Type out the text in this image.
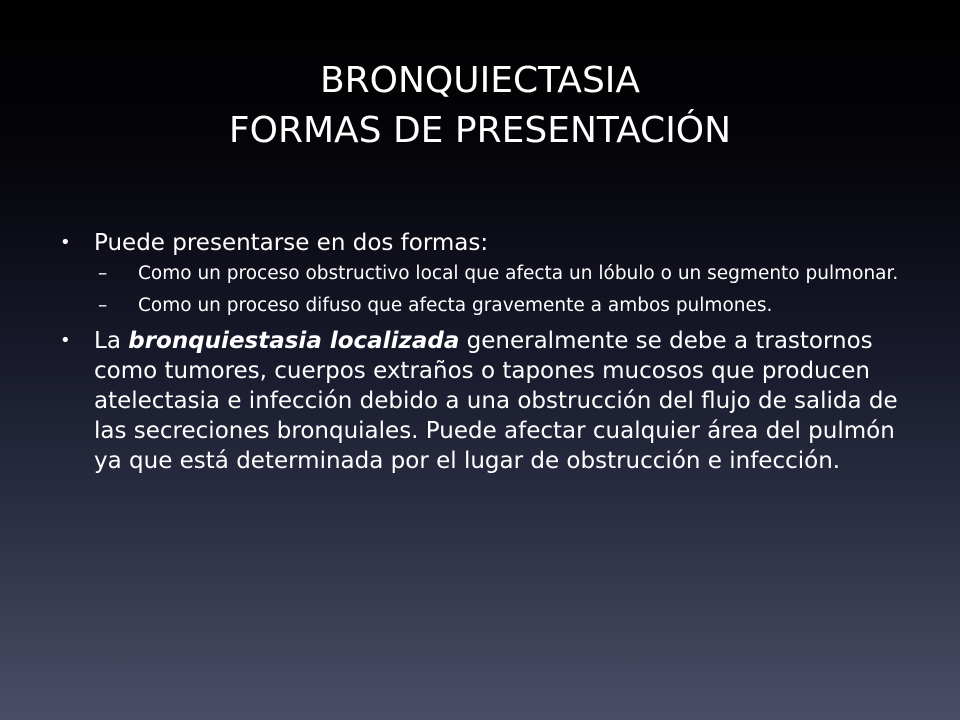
BRONQUIECTASIA
FORMAS DE PRESENTACIÓN
• Puede presentarse en dos formas:
– Como un proceso obstructivo local que afecta un lóbulo o un segmento pulmonar.
– Como un proceso difuso que afecta gravemente a ambos pulmones.
• La bronquiestasia localizada generalmente se debe a trastornos como tumores, cuerpos extraños o tapones mucosos que producen atelectasia e infección debido a una obstrucción del flujo de salida de las secreciones bronquiales. Puede afectar cualquier área del pulmón ya que está determinada por el lugar de obstrucción e infección.
